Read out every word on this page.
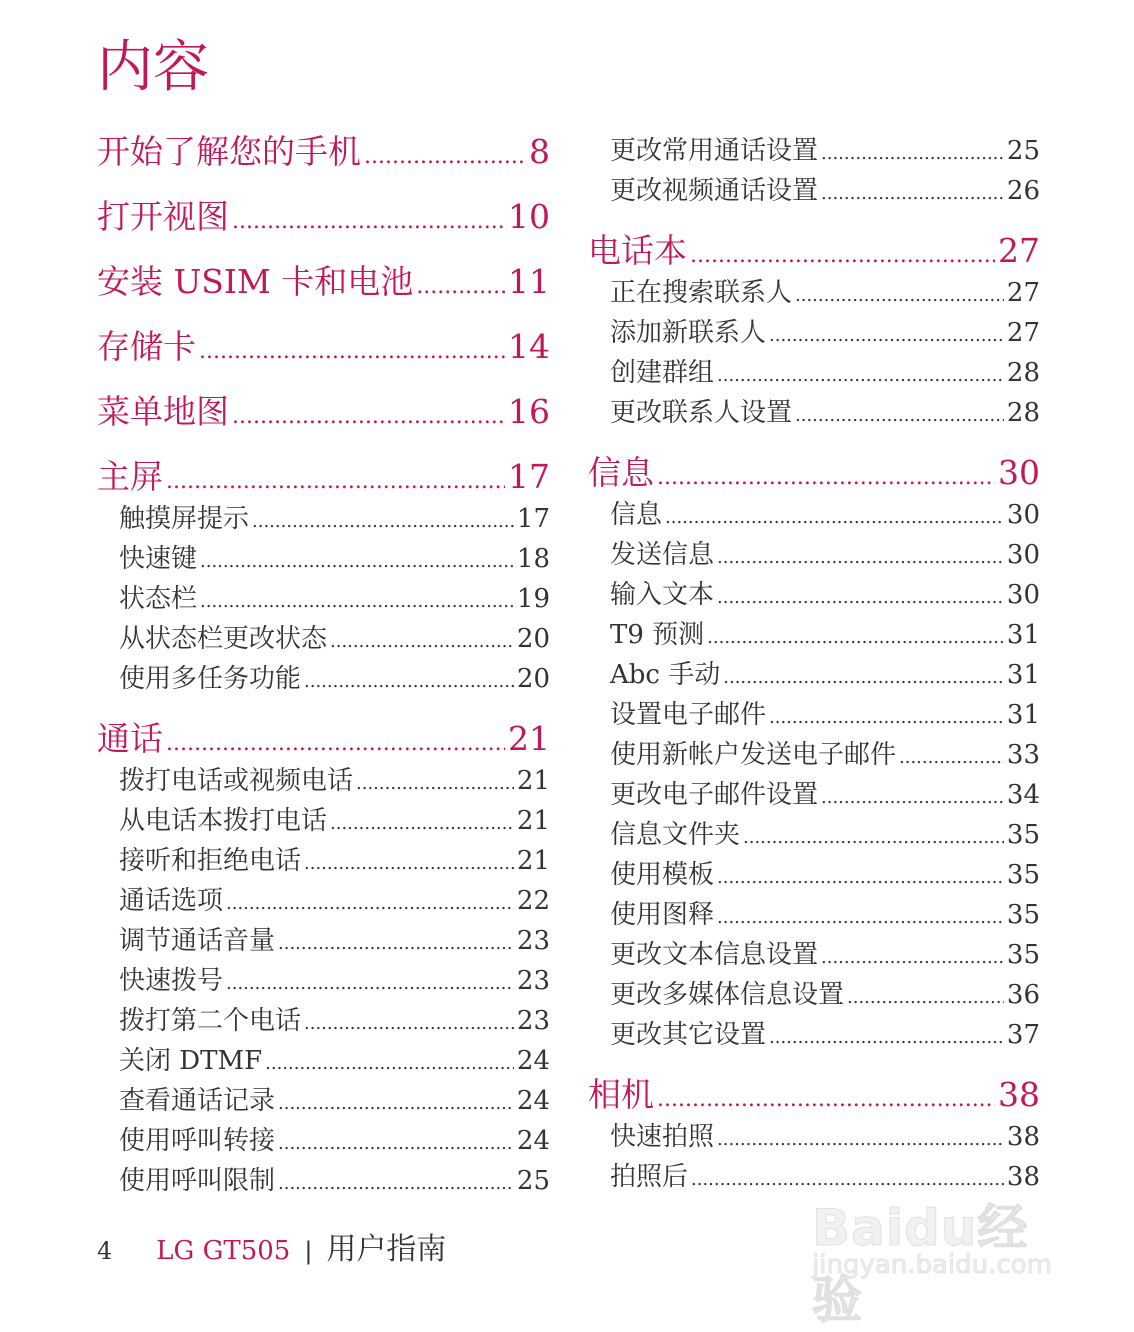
内容
开始了解您的手机 .....	8
打开视图 .....	10
安装 USIM 卡和电池 .....	11
存储卡 .....	14
菜单地图 .....	16
主屏 .....	17
触摸屏提示 .....	17
快速键 .....	18
状态栏 .....	19
从状态栏更改状态 .....	20
使用多任务功能 .....	20
通话 .....	21
拨打电话或视频电话 .....	21
从电话本拨打电话 .....	21
接听和拒绝电话 .....	21
通话选项 .....	22
调节通话音量 .....	23
快速拨号 .....	23
拨打第二个电话 .....	23
关闭 DTMF .....	24
查看通话记录 .....	24
使用呼叫转接 .....	24
使用呼叫限制 .....	25
更改常用通话设置 .....	25
更改视频通话设置 .....	26
电话本 .....	27
正在搜索联系人 .....	27
添加新联系人 .....	27
创建群组 .....	28
更改联系人设置 .....	28
信息 .....	30
信息 .....	30
发送信息 .....	30
输入文本 .....	30
T9 预测 .....	31
Abc 手动 .....	31
设置电子邮件 .....	31
使用新帐户发送电子邮件 .....	33
更改电子邮件设置 .....	34
信息文件夹 .....	35
使用模板 .....	35
使用图释 .....	35
更改文本信息设置 .....	35
更改多媒体信息设置 .....	36
更改其它设置 .....	37
相机 .....	38
快速拍照 .....	38
拍照后 .....	38
4 LG GT505 | 用户指南	Baidu经验
jingyan.baidu.com
